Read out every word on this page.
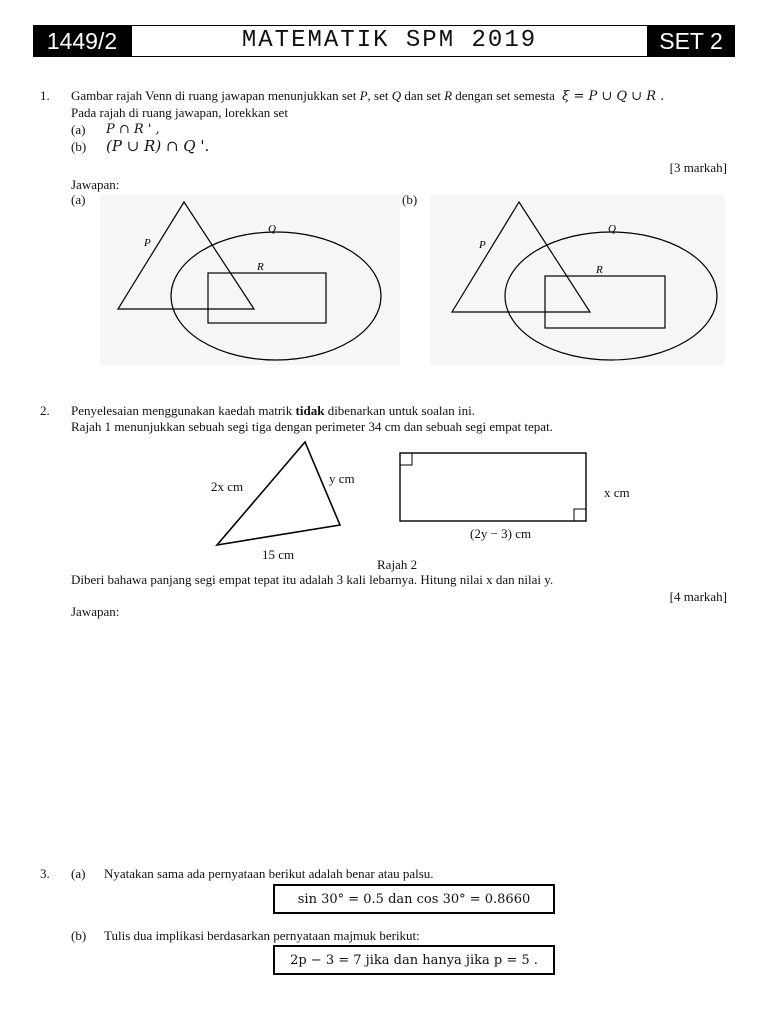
1449/2	MATEMATIK SPM 2019	SET 2
1. Gambar rajah Venn di ruang jawapan menunjukkan set P, set Q dan set R dengan set semesta ξ = P ∪ Q ∪ R .
Pada rajah di ruang jawapan, lorekkan set
(a) P ∩ R ' ,
(b) (P ∪ R) ∩ Q '.
[3 markah]
Jawapan:
(a)	(b)
P
Q
R
P
Q
R
2. Penyelesaian menggunakan kaedah matrik tidak dibenarkan untuk soalan ini.
Rajah 1 menunjukkan sebuah segi tiga dengan perimeter 34 cm dan sebuah segi empat tepat.
2x cm
y cm
15 cm
x cm
(2y − 3) cm
Rajah 2
Diberi bahawa panjang segi empat tepat itu adalah 3 kali lebarnya. Hitung nilai x dan nilai y.
[4 markah]
Jawapan:
3. (a) Nyatakan sama ada pernyataan berikut adalah benar atau palsu.
sin 30° = 0.5 dan cos 30° = 0.8660
(b) Tulis dua implikasi berdasarkan pernyataan majmuk berikut:
2p − 3 = 7 jika dan hanya jika p = 5 .
